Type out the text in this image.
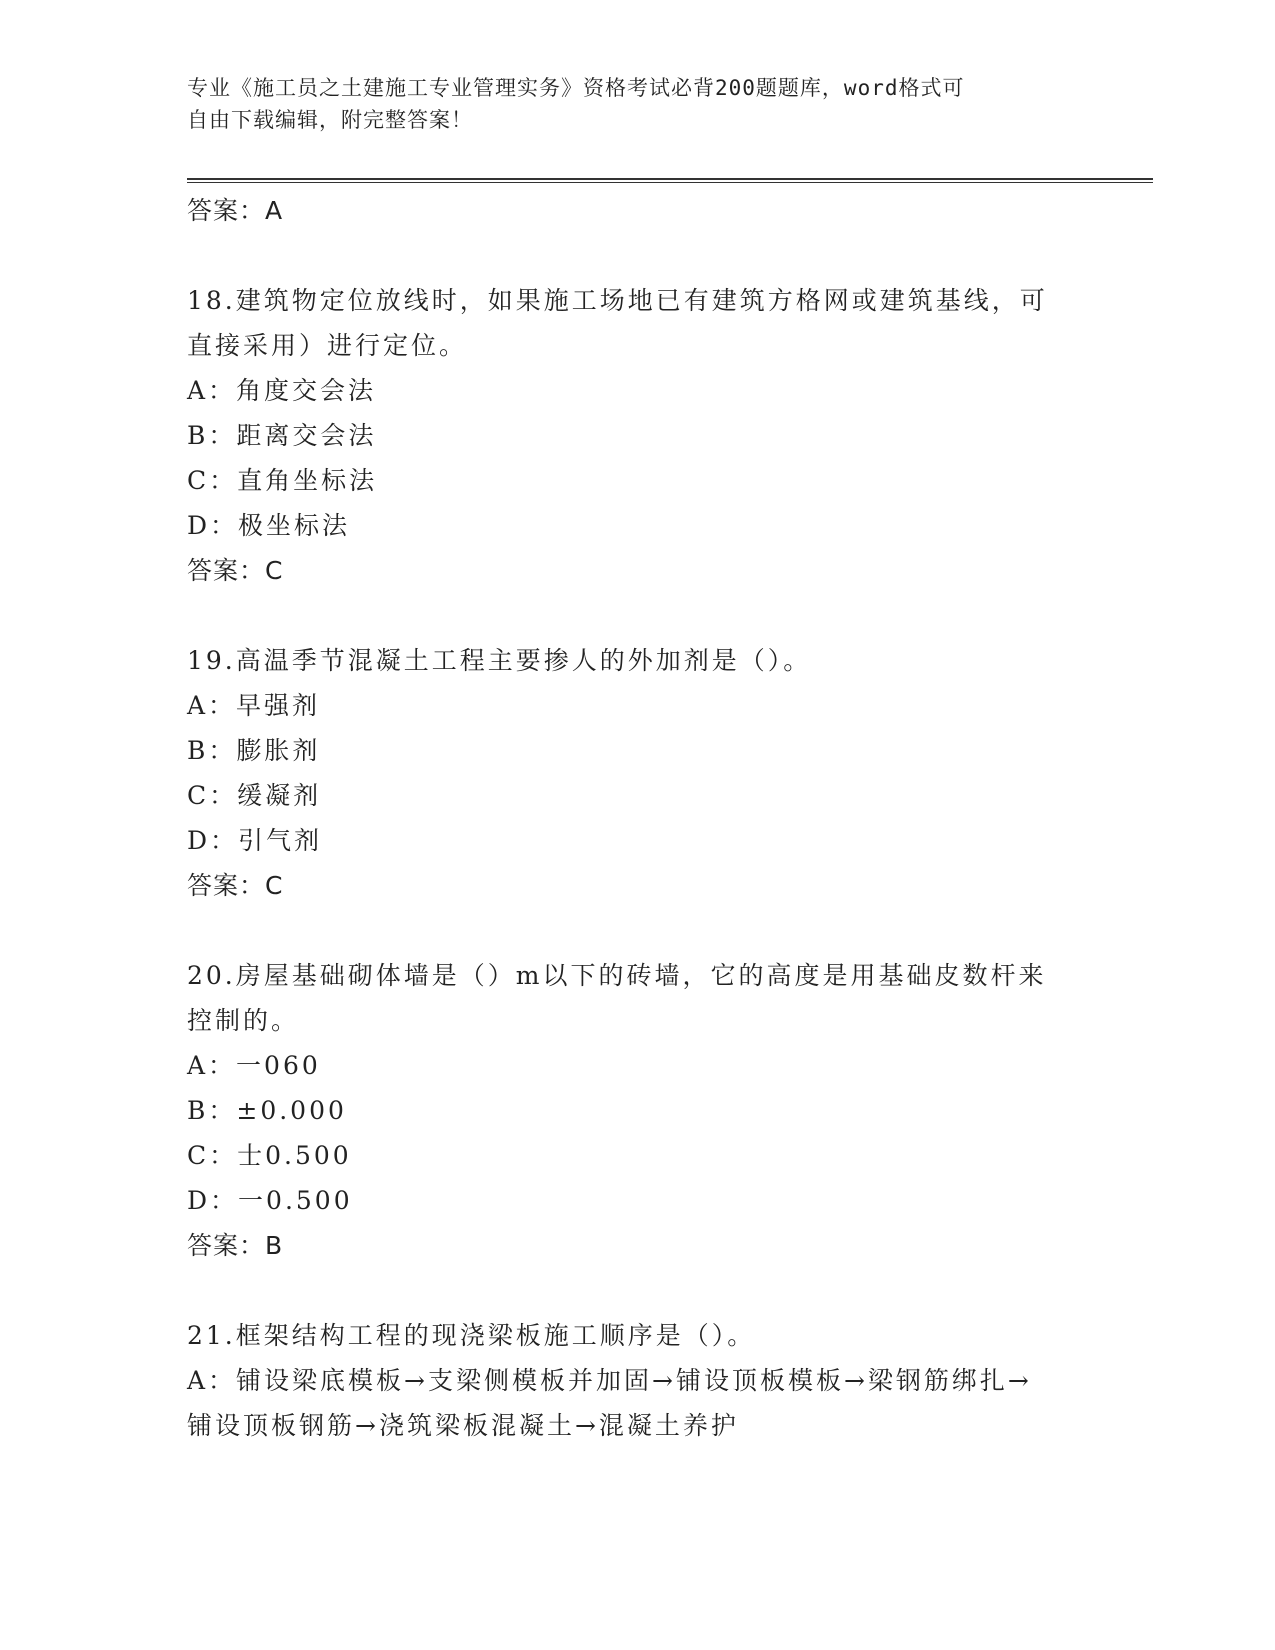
专业《施工员之土建施工专业管理实务》资格考试必背200题题库，word格式可
自由下载编辑，附完整答案！

答案：A

18.建筑物定位放线时，如果施工场地已有建筑方格网或建筑基线，可

直接采用）进行定位。

A：角度交会法

B：距离交会法

C：直角坐标法

D：极坐标法

答案：C

19.高温季节混凝土工程主要掺人的外加剂是（）。

A：早强剂

B：膨胀剂

C：缓凝剂

D：引气剂

答案：C

20.房屋基础砌体墙是（）m以下的砖墙，它的高度是用基础皮数杆来

控制的。

A：一060

B：±0.000

C：士0.500

D：一0.500

答案：B

21.框架结构工程的现浇梁板施工顺序是（）。

A：铺设梁底模板→支梁侧模板并加固→铺设顶板模板→梁钢筋绑扎→

铺设顶板钢筋→浇筑梁板混凝土→混凝土养护
